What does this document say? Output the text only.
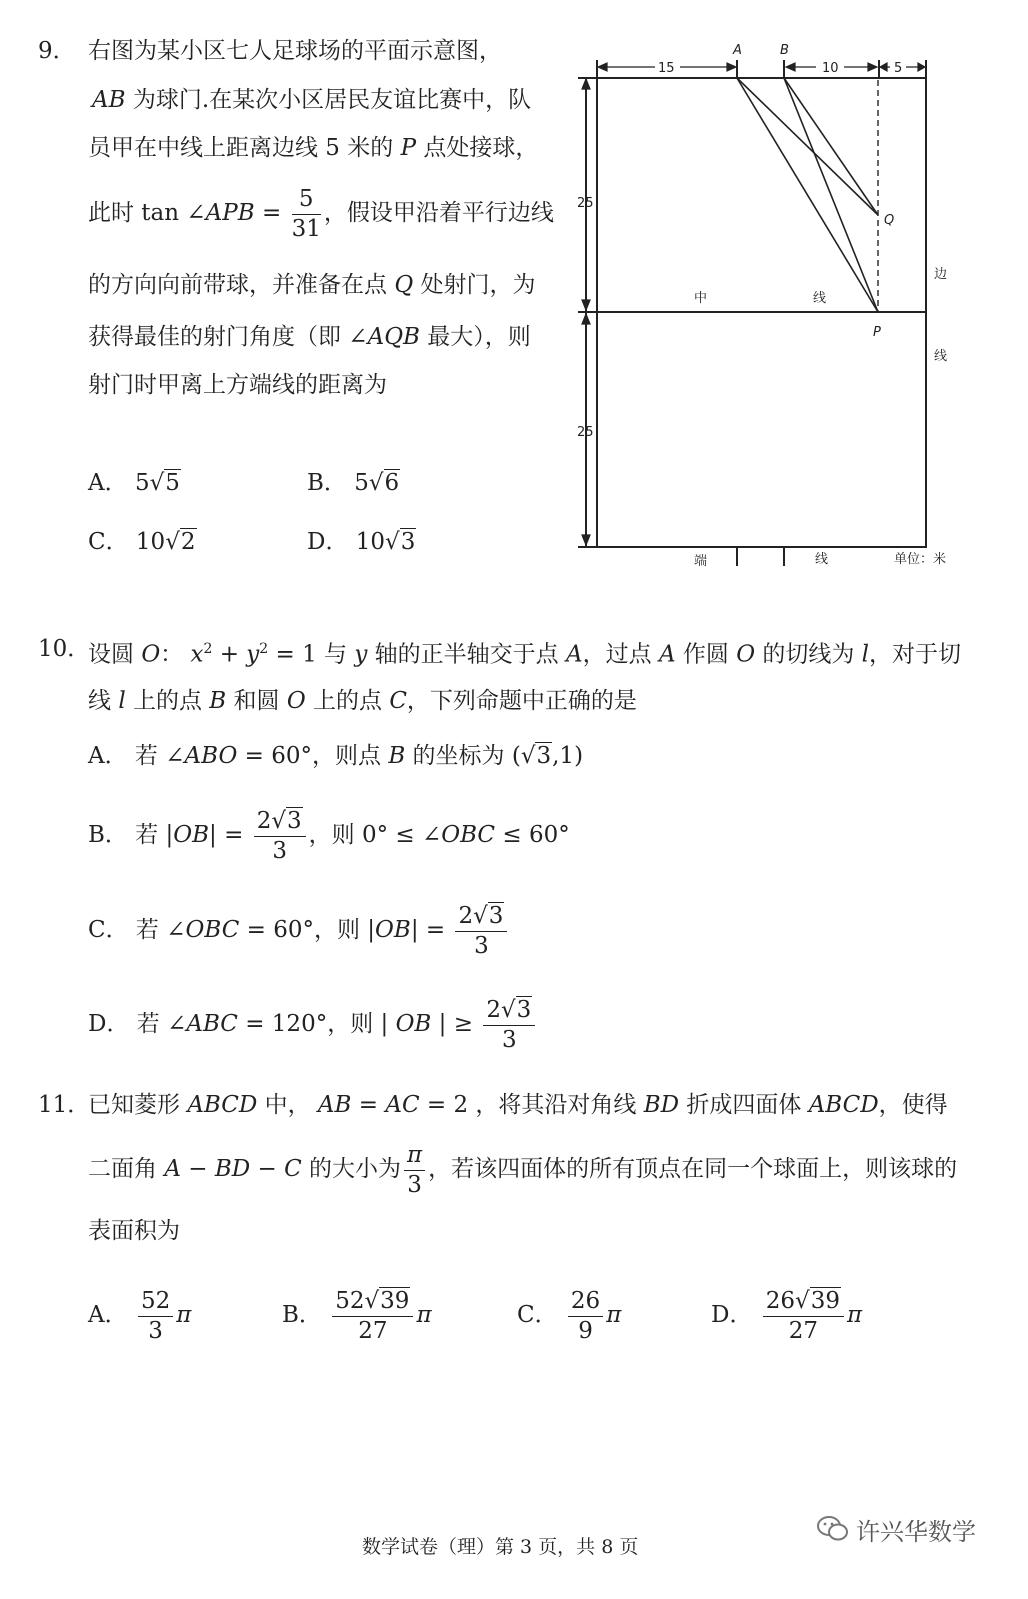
9． 右图为某小区七人足球场的平面示意图，
AB 为球门.在某次小区居民友谊比赛中，队
员甲在中线上距离边线 5 米的 P 点处接球，
此时 tan ∠APB = $\frac{5}{31}$ ，假设甲沿着平行边线
的方向向前带球，并准备在点 Q 处射门，为
获得最佳的射门角度（即 ∠AQB 最大），则
射门时甲离上方端线的距离为
A． 5√5	B． 5√6
C． 10√2	D． 10√3
A	B
Q
P
15	10	5
25
25
中	线
边
线
端	线	单位：米
10．
设圆 O： $x^2 + y^2 = 1$ 与 y 轴的正半轴交于点 A，过点 A 作圆 O 的切线为 l，对于切
线 l 上的点 B 和圆 O 上的点 C，下列命题中正确的是
A． 若 ∠ABO = 60°，则点 B 的坐标为 (√3,1)
B． 若 $|OB| = \frac{2√3}{3}$ ，则 0° ≤ ∠OBC ≤ 60°
C． 若 ∠OBC = 60°，则 $|OB| = \frac{2√3}{3}$
D． 若 ∠ABC = 120°，则 | OB | ≥ $\frac{2√3}{3}$
11．
已知菱形 ABCD 中， AB = AC = 2 ，将其沿对角线 BD 折成四面体 ABCD，使得
二面角 A − BD − C 的大小为 $\frac{\pi}{3}$ ，若该四面体的所有顶点在同一个球面上，则该球的
表面积为
A． $\frac{52}{3}$ π	B． $\frac{52√39}{27}$ π	C． $\frac{26}{9}$ π	D． $\frac{26√39}{27}$ π
数学试卷（理）第 3 页，共 8 页
许兴华数学
